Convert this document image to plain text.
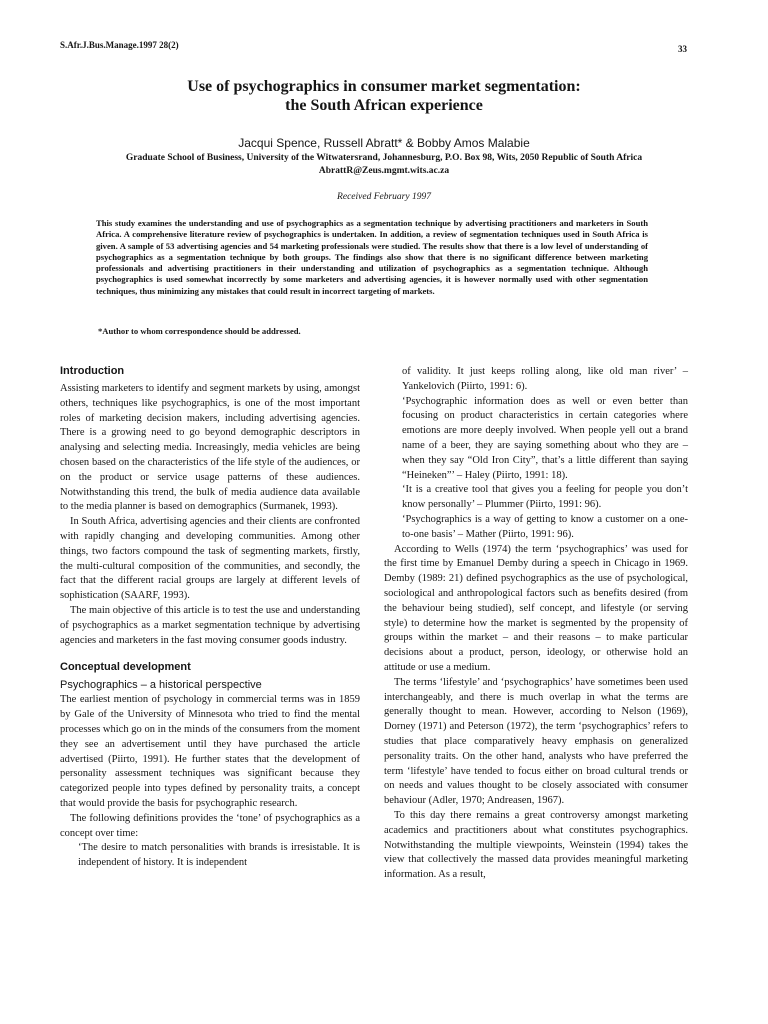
S.Afr.J.Bus.Manage.1997 28(2)	33
Use of psychographics in consumer market segmentation:
the South African experience
Jacqui Spence, Russell Abratt* & Bobby Amos Malabie
Graduate School of Business, University of the Witwatersrand, Johannesburg, P.O. Box 98, Wits, 2050 Republic of South Africa
AbrattR@Zeus.mgmt.wits.ac.za
Received February 1997
This study examines the understanding and use of psychographics as a segmentation technique by advertising practitioners and marketers in South Africa. A comprehensive literature review of psychographics is undertaken. In addition, a review of segmentation techniques used in South Africa is given. A sample of 53 advertising agencies and 54 marketing professionals were studied. The results show that there is a low level of understanding of psychographics as a segmentation technique by both groups. The findings also show that there is no significant difference between marketing professionals and advertising practitioners in their understanding and utilization of psychographics as a segmentation technique. Although psychographics is used somewhat incorrectly by some marketers and advertising agencies, it is however normally used with other segmentation techniques, thus minimizing any mistakes that could result in incorrect targeting of markets.
*Author to whom correspondence should be addressed.
Introduction

Assisting marketers to identify and segment markets by using, amongst others, techniques like psychographics, is one of the most important roles of marketing decision makers, including advertising agencies. There is a growing need to go beyond demographic descriptors in analysing and selecting media. Increasingly, media vehicles are being chosen based on the characteristics of the life style of the audiences, or on the product or service usage patterns of these audiences. Notwithstanding this trend, the bulk of media audience data available to the media planner is based on demographics (Surmanek, 1993).

In South Africa, advertising agencies and their clients are confronted with rapidly changing and developing communities. Among other things, two factors compound the task of segmenting markets, firstly, the multi-cultural composition of the communities, and secondly, the fact that the different racial groups are largely at different levels of sophistication (SAARF, 1993).

The main objective of this article is to test the use and understanding of psychographics as a market segmentation technique by advertising agencies and marketers in the fast moving consumer goods industry.

Conceptual development
Psychographics – a historical perspective

The earliest mention of psychology in commercial terms was in 1859 by Gale of the University of Minnesota who tried to find the mental processes which go on in the minds of the consumers from the moment they see an advertisement until they have purchased the article advertised (Piirto, 1991). He further states that the development of personality assessment techniques was significant because they categorized people into types defined by personality traits, a concept that would provide the basis for psychographic research.

The following definitions provides the ‘tone’ of psychographics as a concept over time:

‘The desire to match personalities with brands is irresistable. It is independent of history. It is independent

of validity. It just keeps rolling along, like old man river’ – Yankelovich (Piirto, 1991: 6).

‘Psychographic information does as well or even better than focusing on product characteristics in certain categories where emotions are more deeply involved. When people yell out a brand name of a beer, they are saying something about who they are – when they say “Old Iron City”, that’s a little different than saying “Heineken”’ – Haley (Piirto, 1991: 18).

‘It is a creative tool that gives you a feeling for people you don’t know personally’ – Plummer (Piirto, 1991: 96).

‘Psychographics is a way of getting to know a customer on a one-to-one basis’ – Mather (Piirto, 1991: 96).

According to Wells (1974) the term ‘psychographics’ was used for the first time by Emanuel Demby during a speech in Chicago in 1969. Demby (1989: 21) defined psychographics as the use of psychological, sociological and anthropological factors such as benefits desired (from the behaviour being studied), self concept, and lifestyle (or serving style) to determine how the market is segmented by the propensity of groups within the market – and their reasons – to make particular decisions about a product, person, ideology, or otherwise hold an attitude or use a medium.

The terms ‘lifestyle’ and ‘psychographics’ have sometimes been used interchangeably, and there is much overlap in what the terms are generally thought to mean. However, according to Nelson (1969), Dorney (1971) and Peterson (1972), the term ‘psychographics’ refers to studies that place comparatively heavy emphasis on generalized personality traits. On the other hand, analysts who have preferred the term ‘lifestyle’ have tended to focus either on broad cultural trends or on needs and values thought to be closely associated with consumer behaviour (Adler, 1970; Andreasen, 1967).

To this day there remains a great controversy amongst marketing academics and practitioners about what constitutes psychographics. Notwithstanding the multiple viewpoints, Weinstein (1994) takes the view that collectively the massed data provides meaningful marketing information. As a result,
